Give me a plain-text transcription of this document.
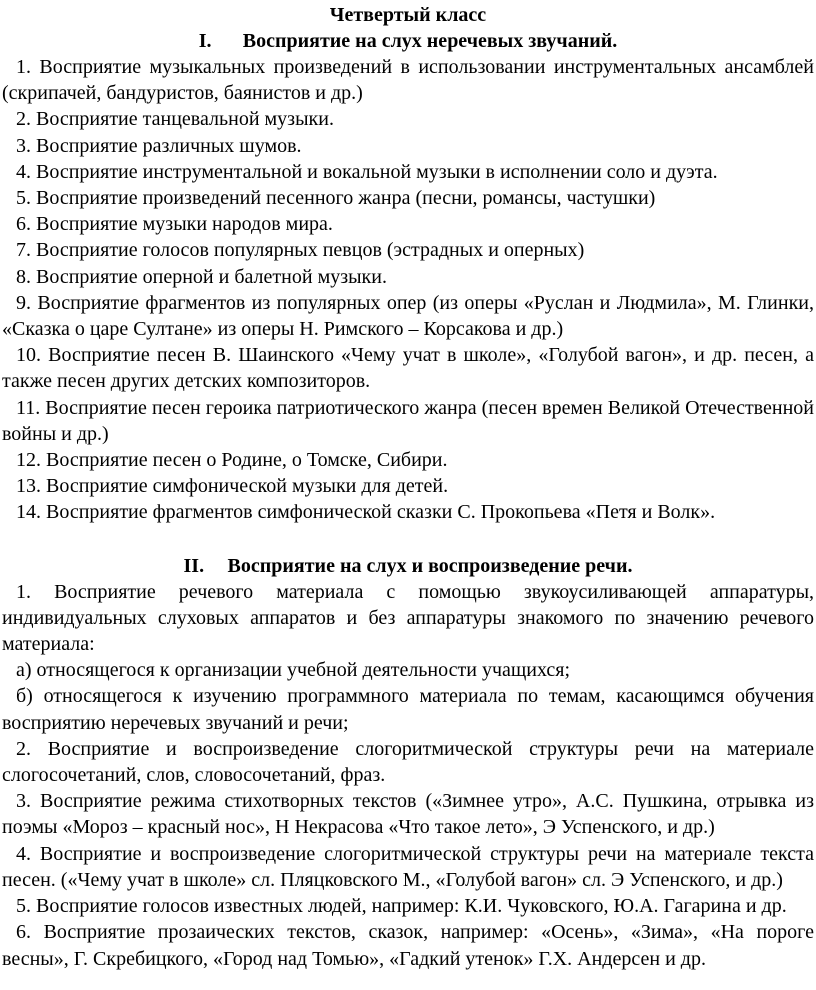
Четвертый класс
I. Восприятие на слух неречевых звучаний.

1. Восприятие музыкальных произведений в использовании инструментальных ансамблей (скрипачей, бандуристов, баянистов и др.)

2. Восприятие танцевальной музыки.

3. Восприятие различных шумов.

4. Восприятие инструментальной и вокальной музыки в исполнении соло и дуэта.

5. Восприятие произведений песенного жанра (песни, романсы, частушки)

6. Восприятие музыки народов мира.

7. Восприятие голосов популярных певцов (эстрадных и оперных)

8. Восприятие оперной и балетной музыки.

9. Восприятие фрагментов из популярных опер (из оперы «Руслан и Людмила», М. Глинки, «Сказка о царе Султане» из оперы Н. Римского – Корсакова и др.)

10. Восприятие песен В. Шаинского «Чему учат в школе», «Голубой вагон», и др. песен, а также песен других детских композиторов.

11. Восприятие песен героика патриотического жанра (песен времен Великой Отечественной войны и др.)

12. Восприятие песен о Родине, о Томске, Сибири.

13. Восприятие симфонической музыки для детей.

14. Восприятие фрагментов симфонической сказки С. Прокопьева «Петя и Волк».

II. Восприятие на слух и воспроизведение речи.

1. Восприятие речевого материала с помощью звукоусиливающей аппаратуры, индивидуальных слуховых аппаратов и без аппаратуры знакомого по значению речевого материала:

а) относящегося к организации учебной деятельности учащихся;

б) относящегося к изучению программного материала по темам, касающимся обучения восприятию неречевых звучаний и речи;

2. Восприятие и воспроизведение слогоритмической структуры речи на материале слогосочетаний, слов, словосочетаний, фраз.

3. Восприятие режима стихотворных текстов («Зимнее утро», А.С. Пушкина, отрывка из поэмы «Мороз – красный нос», Н Некрасова «Что такое лето», Э Успенского, и др.)

4. Восприятие и воспроизведение слогоритмической структуры речи на материале текста песен. («Чему учат в школе» сл. Пляцковского М., «Голубой вагон» сл. Э Успенского, и др.)

5. Восприятие голосов известных людей, например: К.И. Чуковского, Ю.А. Гагарина и др.

6. Восприятие прозаических текстов, сказок, например: «Осень», «Зима», «На пороге весны», Г. Скребицкого, «Город над Томью», «Гадкий утенок» Г.Х. Андерсен и др.
